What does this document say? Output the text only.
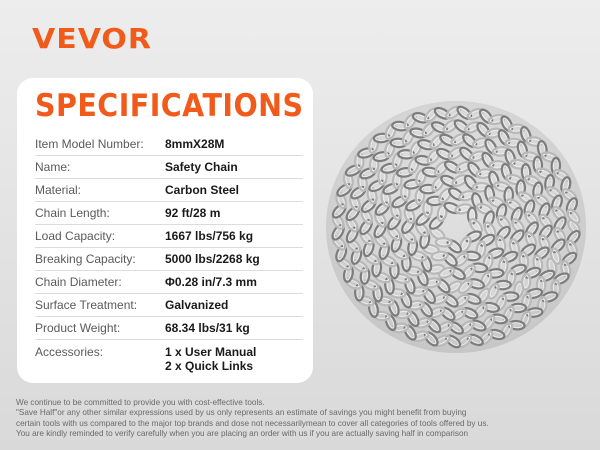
VEVOR
SPECIFICATIONS
Item Model Number:	8mmX28M
Name:	Safety Chain
Material:	Carbon Steel
Chain Length:	92 ft/28 m
Load Capacity:	1667 lbs/756 kg
Breaking Capacity:	5000 lbs/2268 kg
Chain Diameter:	Φ0.28 in/7.3 mm
Surface Treatment:	Galvanized
Product Weight:	68.34 lbs/31 kg
Accessories:	1 x User Manual
2 x Quick Links
We continue to be committed to provide you with cost-effective tools.
"Save Half"or any other similar expressions used by us only represents an estimate of savings you might benefit from buying
certain tools with us compared to the major top brands and dose not necessarilymean to cover all categories of tools offered by us.
You are kindly reminded to verify carefully when you are placing an order with us if you are actually saving half in comparison
